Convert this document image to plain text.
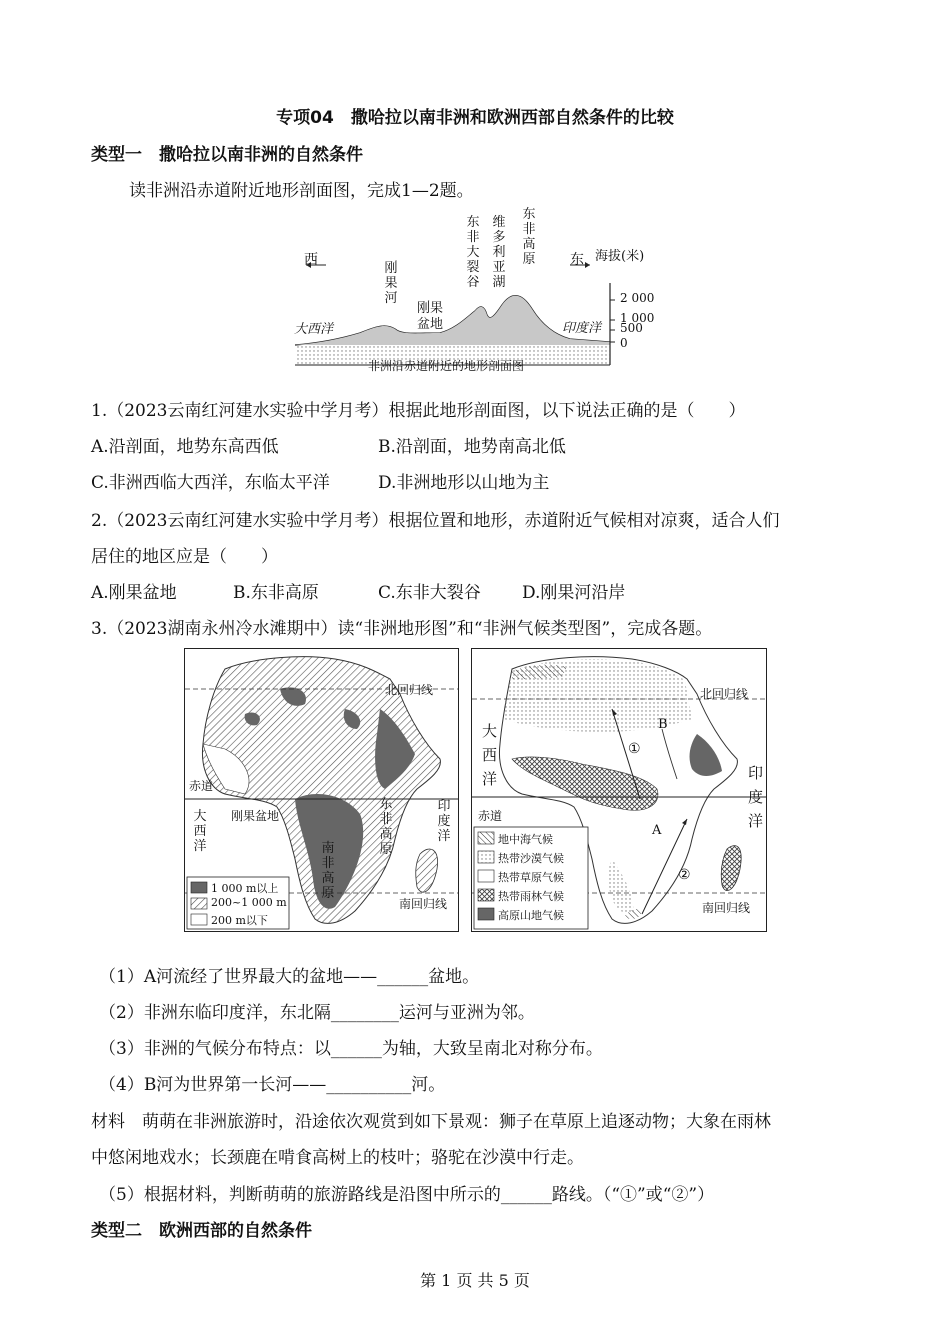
专项04　撒哈拉以南非洲和欧洲西部自然条件的比较
类型一　撒哈拉以南非洲的自然条件
读非洲沿赤道附近地形剖面图，完成1—2题。
西	东 海拔(米)
2 000
1 000
500
0
大西洋	印度洋
刚果河
刚果
盆地
东非大裂谷
维多利亚湖
东非高原
非洲沿赤道附近的地形剖面图
1.（2023云南红河建水实验中学月考）根据此地形剖面图，以下说法正确的是（　　）
A.沿剖面，地势东高西低	B.沿剖面，地势南高北低
C.非洲西临大西洋，东临太平洋	D.非洲地形以山地为主
2.（2023云南红河建水实验中学月考）根据位置和地形，赤道附近气候相对凉爽，适合人们
居住的地区应是（　　）
A.刚果盆地	B.东非高原	C.东非大裂谷 D.刚果河沿岸
3.（2023湖南永州冷水滩期中）读“非洲地形图”和“非洲气候类型图”，完成各题。
北回归线
赤道
大西洋
刚果盆地
东非高原
南非高原
印度洋
南回归线
1 000 m以上
200~1 000 m
200 m以下
北回归线
大西洋
赤道
印度洋
南回归线
A
B
①
②
地中海气候
热带沙漠气候
热带草原气候
热带雨林气候
高原山地气候
（1）A河流经了世界最大的盆地——______盆地。
（2）非洲东临印度洋，东北隔________运河与亚洲为邻。
（3）非洲的气候分布特点：以______为轴，大致呈南北对称分布。
（4）B河为世界第一长河——__________河。
材料　萌萌在非洲旅游时，沿途依次观赏到如下景观：狮子在草原上追逐动物；大象在雨林
中悠闲地戏水；长颈鹿在啃食高树上的枝叶；骆驼在沙漠中行走。
（5）根据材料，判断萌萌的旅游路线是沿图中所示的______路线。（“①”或“②”）
类型二　欧洲西部的自然条件
第 1 页 共 5 页
